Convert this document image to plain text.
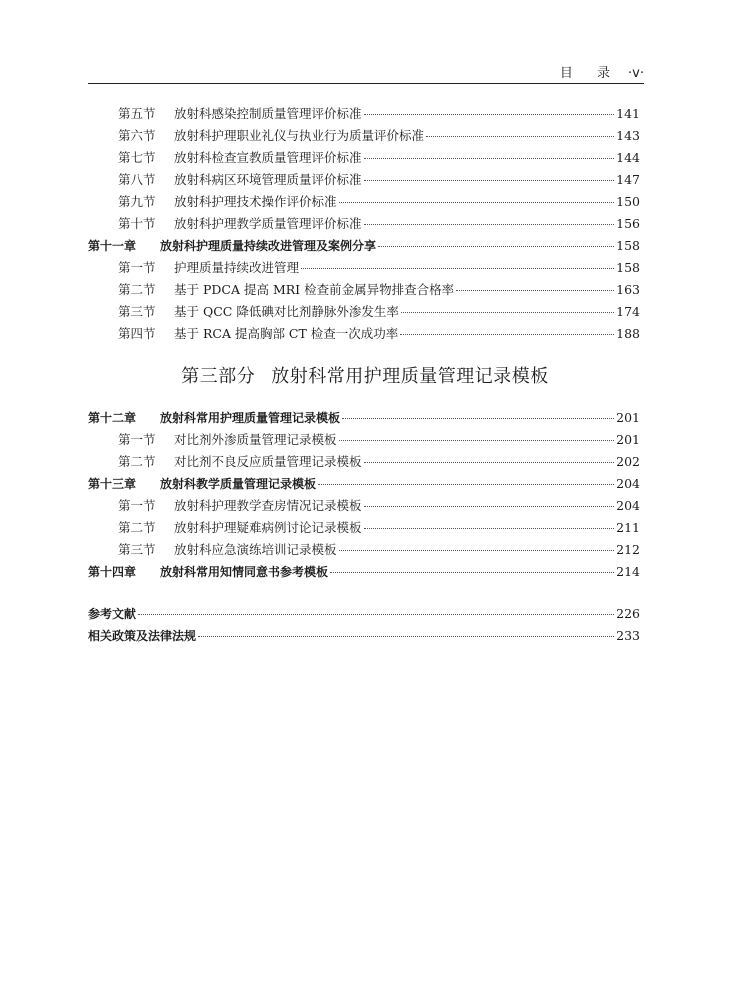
目 录 ·v·
第五节	放射科感染控制质量管理评价标准	141
第六节	放射科护理职业礼仪与执业行为质量评价标准	143
第七节	放射科检查宣教质量管理评价标准	144
第八节	放射科病区环境管理质量评价标准	147
第九节	放射科护理技术操作评价标准	150
第十节	放射科护理教学质量管理评价标准	156
第十一章	放射科护理质量持续改进管理及案例分享	158
第一节	护理质量持续改进管理	158
第二节	基于 PDCA 提高 MRI 检查前金属异物排查合格率	163
第三节	基于 QCC 降低碘对比剂静脉外渗发生率	174
第四节	基于 RCA 提高胸部 CT 检查一次成功率	188
第三部分 放射科常用护理质量管理记录模板
第十二章	放射科常用护理质量管理记录模板	201
第一节	对比剂外渗质量管理记录模板	201
第二节	对比剂不良反应质量管理记录模板	202
第十三章	放射科教学质量管理记录模板	204
第一节	放射科护理教学查房情况记录模板	204
第二节	放射科护理疑难病例讨论记录模板	211
第三节	放射科应急演练培训记录模板	212
第十四章	放射科常用知情同意书参考模板	214
参考文献	226
相关政策及法律法规	233
